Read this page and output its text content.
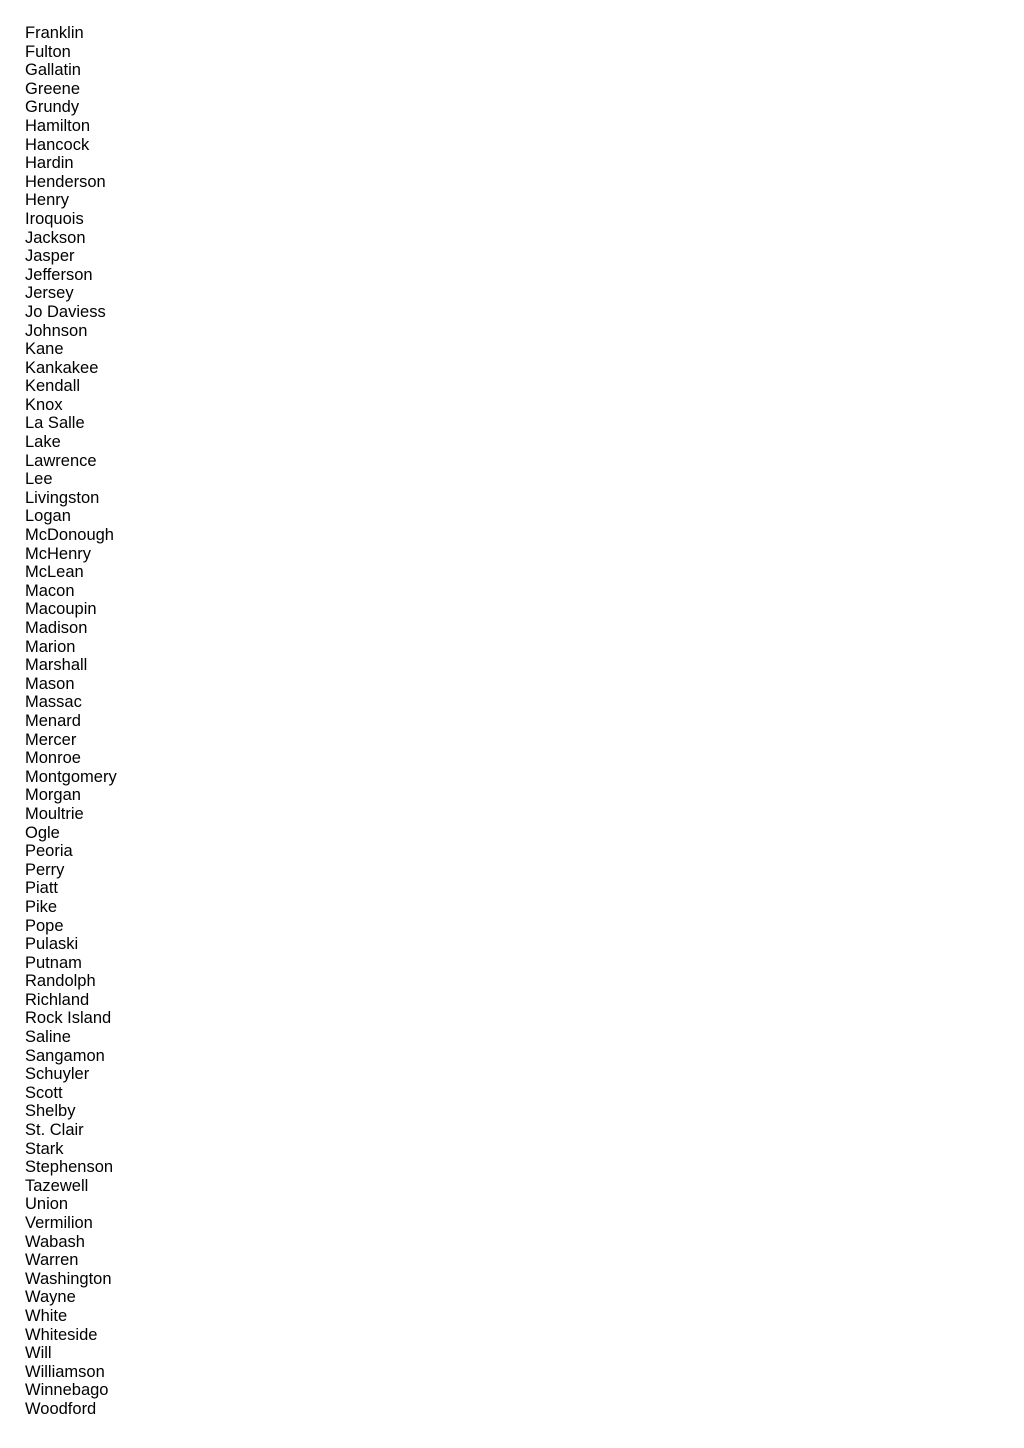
Franklin
Fulton
Gallatin
Greene
Grundy
Hamilton
Hancock
Hardin
Henderson
Henry
Iroquois
Jackson
Jasper
Jefferson
Jersey
Jo Daviess
Johnson
Kane
Kankakee
Kendall
Knox
La Salle
Lake
Lawrence
Lee
Livingston
Logan
McDonough
McHenry
McLean
Macon
Macoupin
Madison
Marion
Marshall
Mason
Massac
Menard
Mercer
Monroe
Montgomery
Morgan
Moultrie
Ogle
Peoria
Perry
Piatt
Pike
Pope
Pulaski
Putnam
Randolph
Richland
Rock Island
Saline
Sangamon
Schuyler
Scott
Shelby
St. Clair
Stark
Stephenson
Tazewell
Union
Vermilion
Wabash
Warren
Washington
Wayne
White
Whiteside
Will
Williamson
Winnebago
Woodford
